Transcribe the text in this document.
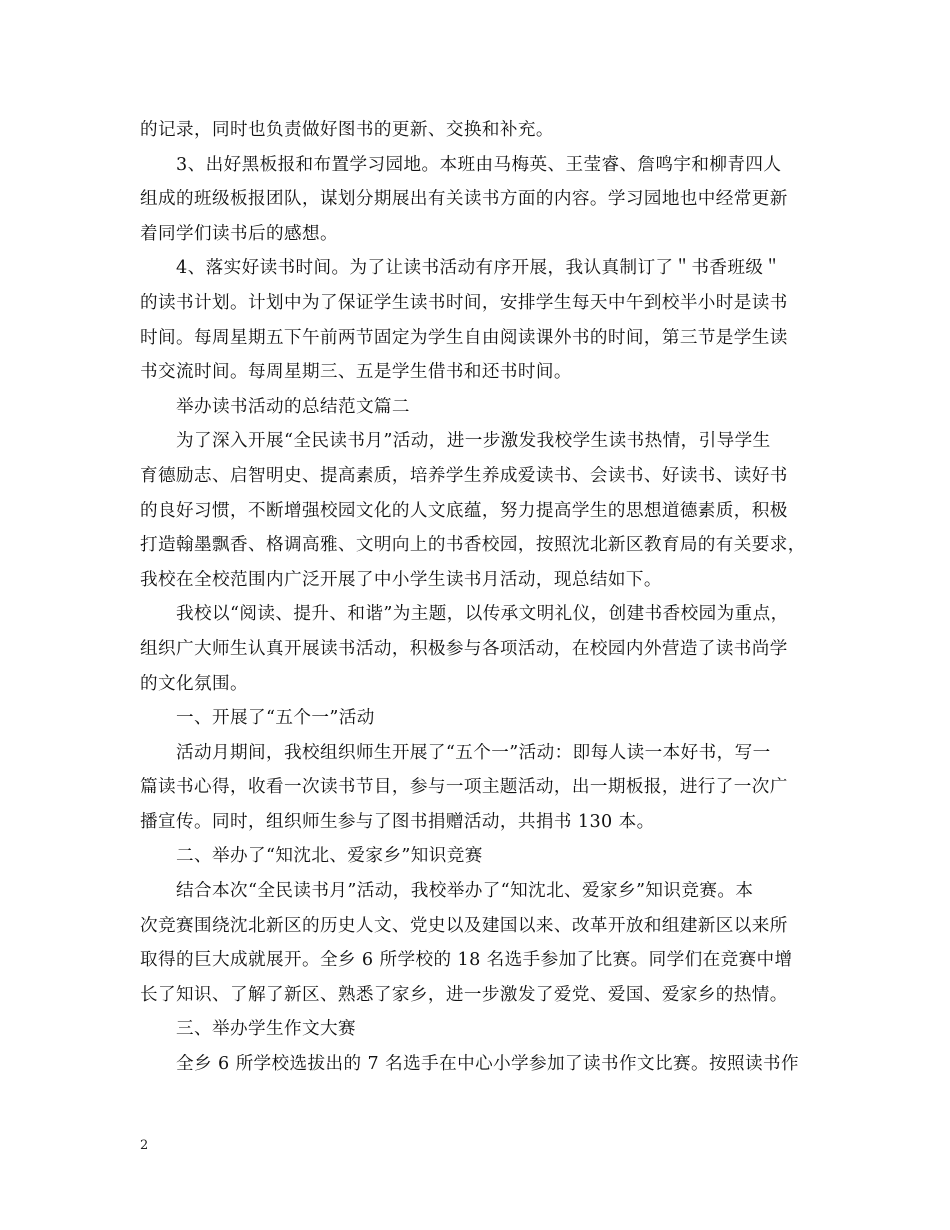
的记录，同时也负责做好图书的更新、交换和补充。
3、出好黑板报和布置学习园地。本班由马梅英、王莹睿、詹鸣宇和柳青四人
组成的班级板报团队，谋划分期展出有关读书方面的内容。学习园地也中经常更新
着同学们读书后的感想。
4、落实好读书时间。为了让读书活动有序开展，我认真制订了＂书香班级＂
的读书计划。计划中为了保证学生读书时间，安排学生每天中午到校半小时是读书
时间。每周星期五下午前两节固定为学生自由阅读课外书的时间，第三节是学生读
书交流时间。每周星期三、五是学生借书和还书时间。
举办读书活动的总结范文篇二
为了深入开展“全民读书月”活动，进一步激发我校学生读书热情，引导学生
育德励志、启智明史、提高素质，培养学生养成爱读书、会读书、好读书、读好书
的良好习惯，不断增强校园文化的人文底蕴，努力提高学生的思想道德素质，积极
打造翰墨飘香、格调高雅、文明向上的书香校园，按照沈北新区教育局的有关要求，
我校在全校范围内广泛开展了中小学生读书月活动，现总结如下。
我校以“阅读、提升、和谐”为主题，以传承文明礼仪，创建书香校园为重点，
组织广大师生认真开展读书活动，积极参与各项活动，在校园内外营造了读书尚学
的文化氛围。
一、开展了“五个一”活动
活动月期间，我校组织师生开展了“五个一”活动：即每人读一本好书，写一
篇读书心得，收看一次读书节目，参与一项主题活动，出一期板报，进行了一次广
播宣传。同时，组织师生参与了图书捐赠活动，共捐书 130 本。
二、举办了“知沈北、爱家乡”知识竞赛
结合本次“全民读书月”活动，我校举办了“知沈北、爱家乡”知识竞赛。本
次竞赛围绕沈北新区的历史人文、党史以及建国以来、改革开放和组建新区以来所
取得的巨大成就展开。全乡 6 所学校的 18 名选手参加了比赛。同学们在竞赛中增
长了知识、了解了新区、熟悉了家乡，进一步激发了爱党、爱国、爱家乡的热情。
三、举办学生作文大赛
全乡 6 所学校选拔出的 7 名选手在中心小学参加了读书作文比赛。按照读书作
2
